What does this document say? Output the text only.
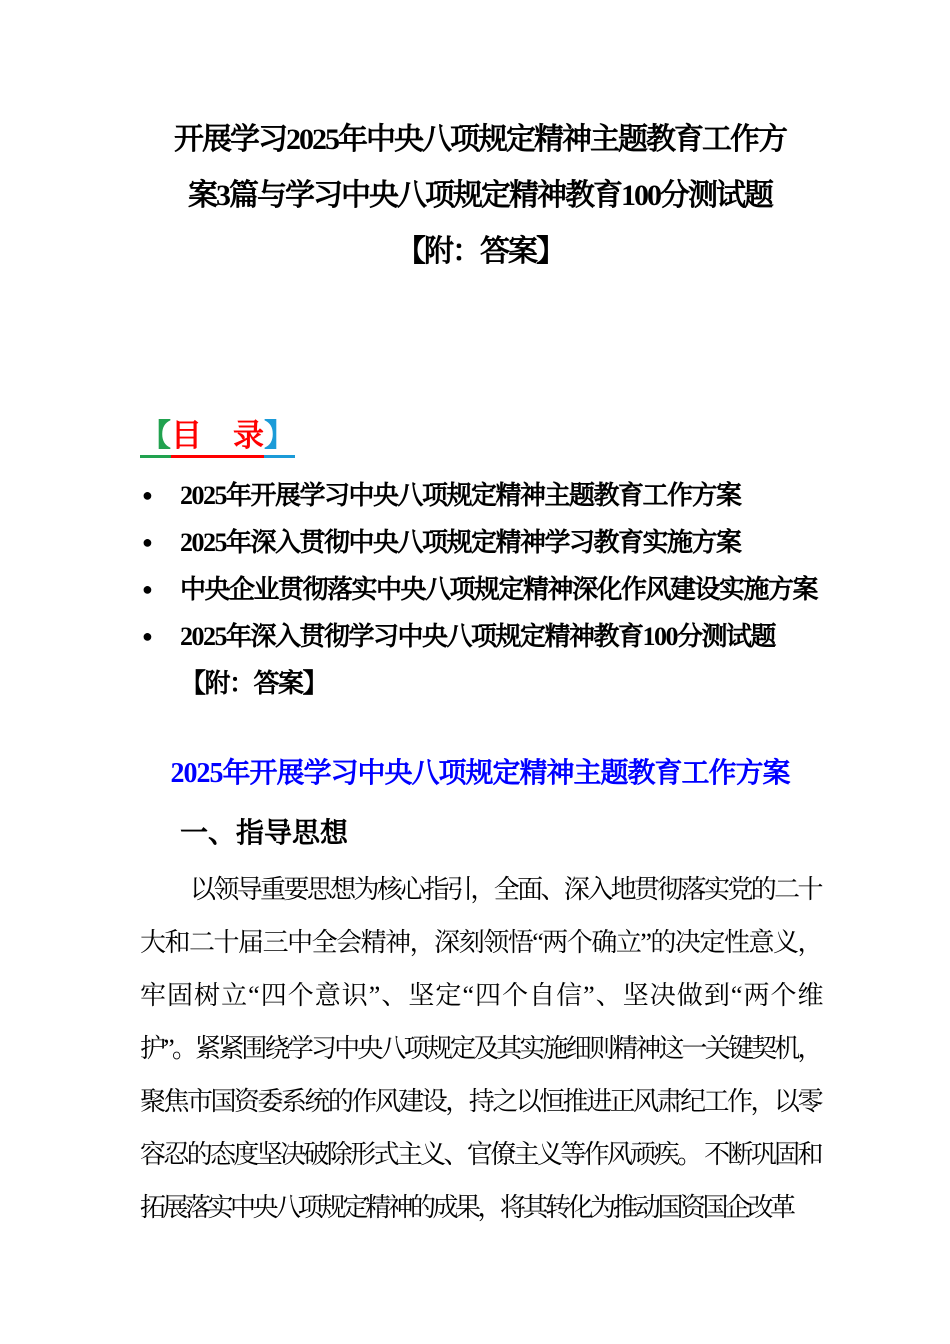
开展学习2025年中央八项规定精神主题教育工作方
案3篇与学习中央八项规定精神教育100分测试题
【附：答案】
【目　录】
● 2025年开展学习中央八项规定精神主题教育工作方案
● 2025年深入贯彻中央八项规定精神学习教育实施方案
● 中央企业贯彻落实中央八项规定精神深化作风建设实施方案
● 2025年深入贯彻学习中央八项规定精神教育100分测试题【附：答案】
2025年开展学习中央八项规定精神主题教育工作方案
一、指导思想
以领导重要思想为核心指引，全面、深入地贯彻落实党的二十
大和二十届三中全会精神，深刻领悟“两个确立”的决定性意义，
牢固树立“四个意识”、坚定“四个自信”、坚决做到“两个维
护”。紧紧围绕学习中央八项规定及其实施细则精神这一关键契机，
聚焦市国资委系统的作风建设，持之以恒推进正风肃纪工作，以零
容忍的态度坚决破除形式主义、官僚主义等作风顽疾。 不断巩固和
拓展落实中央八项规定精神的成果，将其转化为推动国资国企改革
